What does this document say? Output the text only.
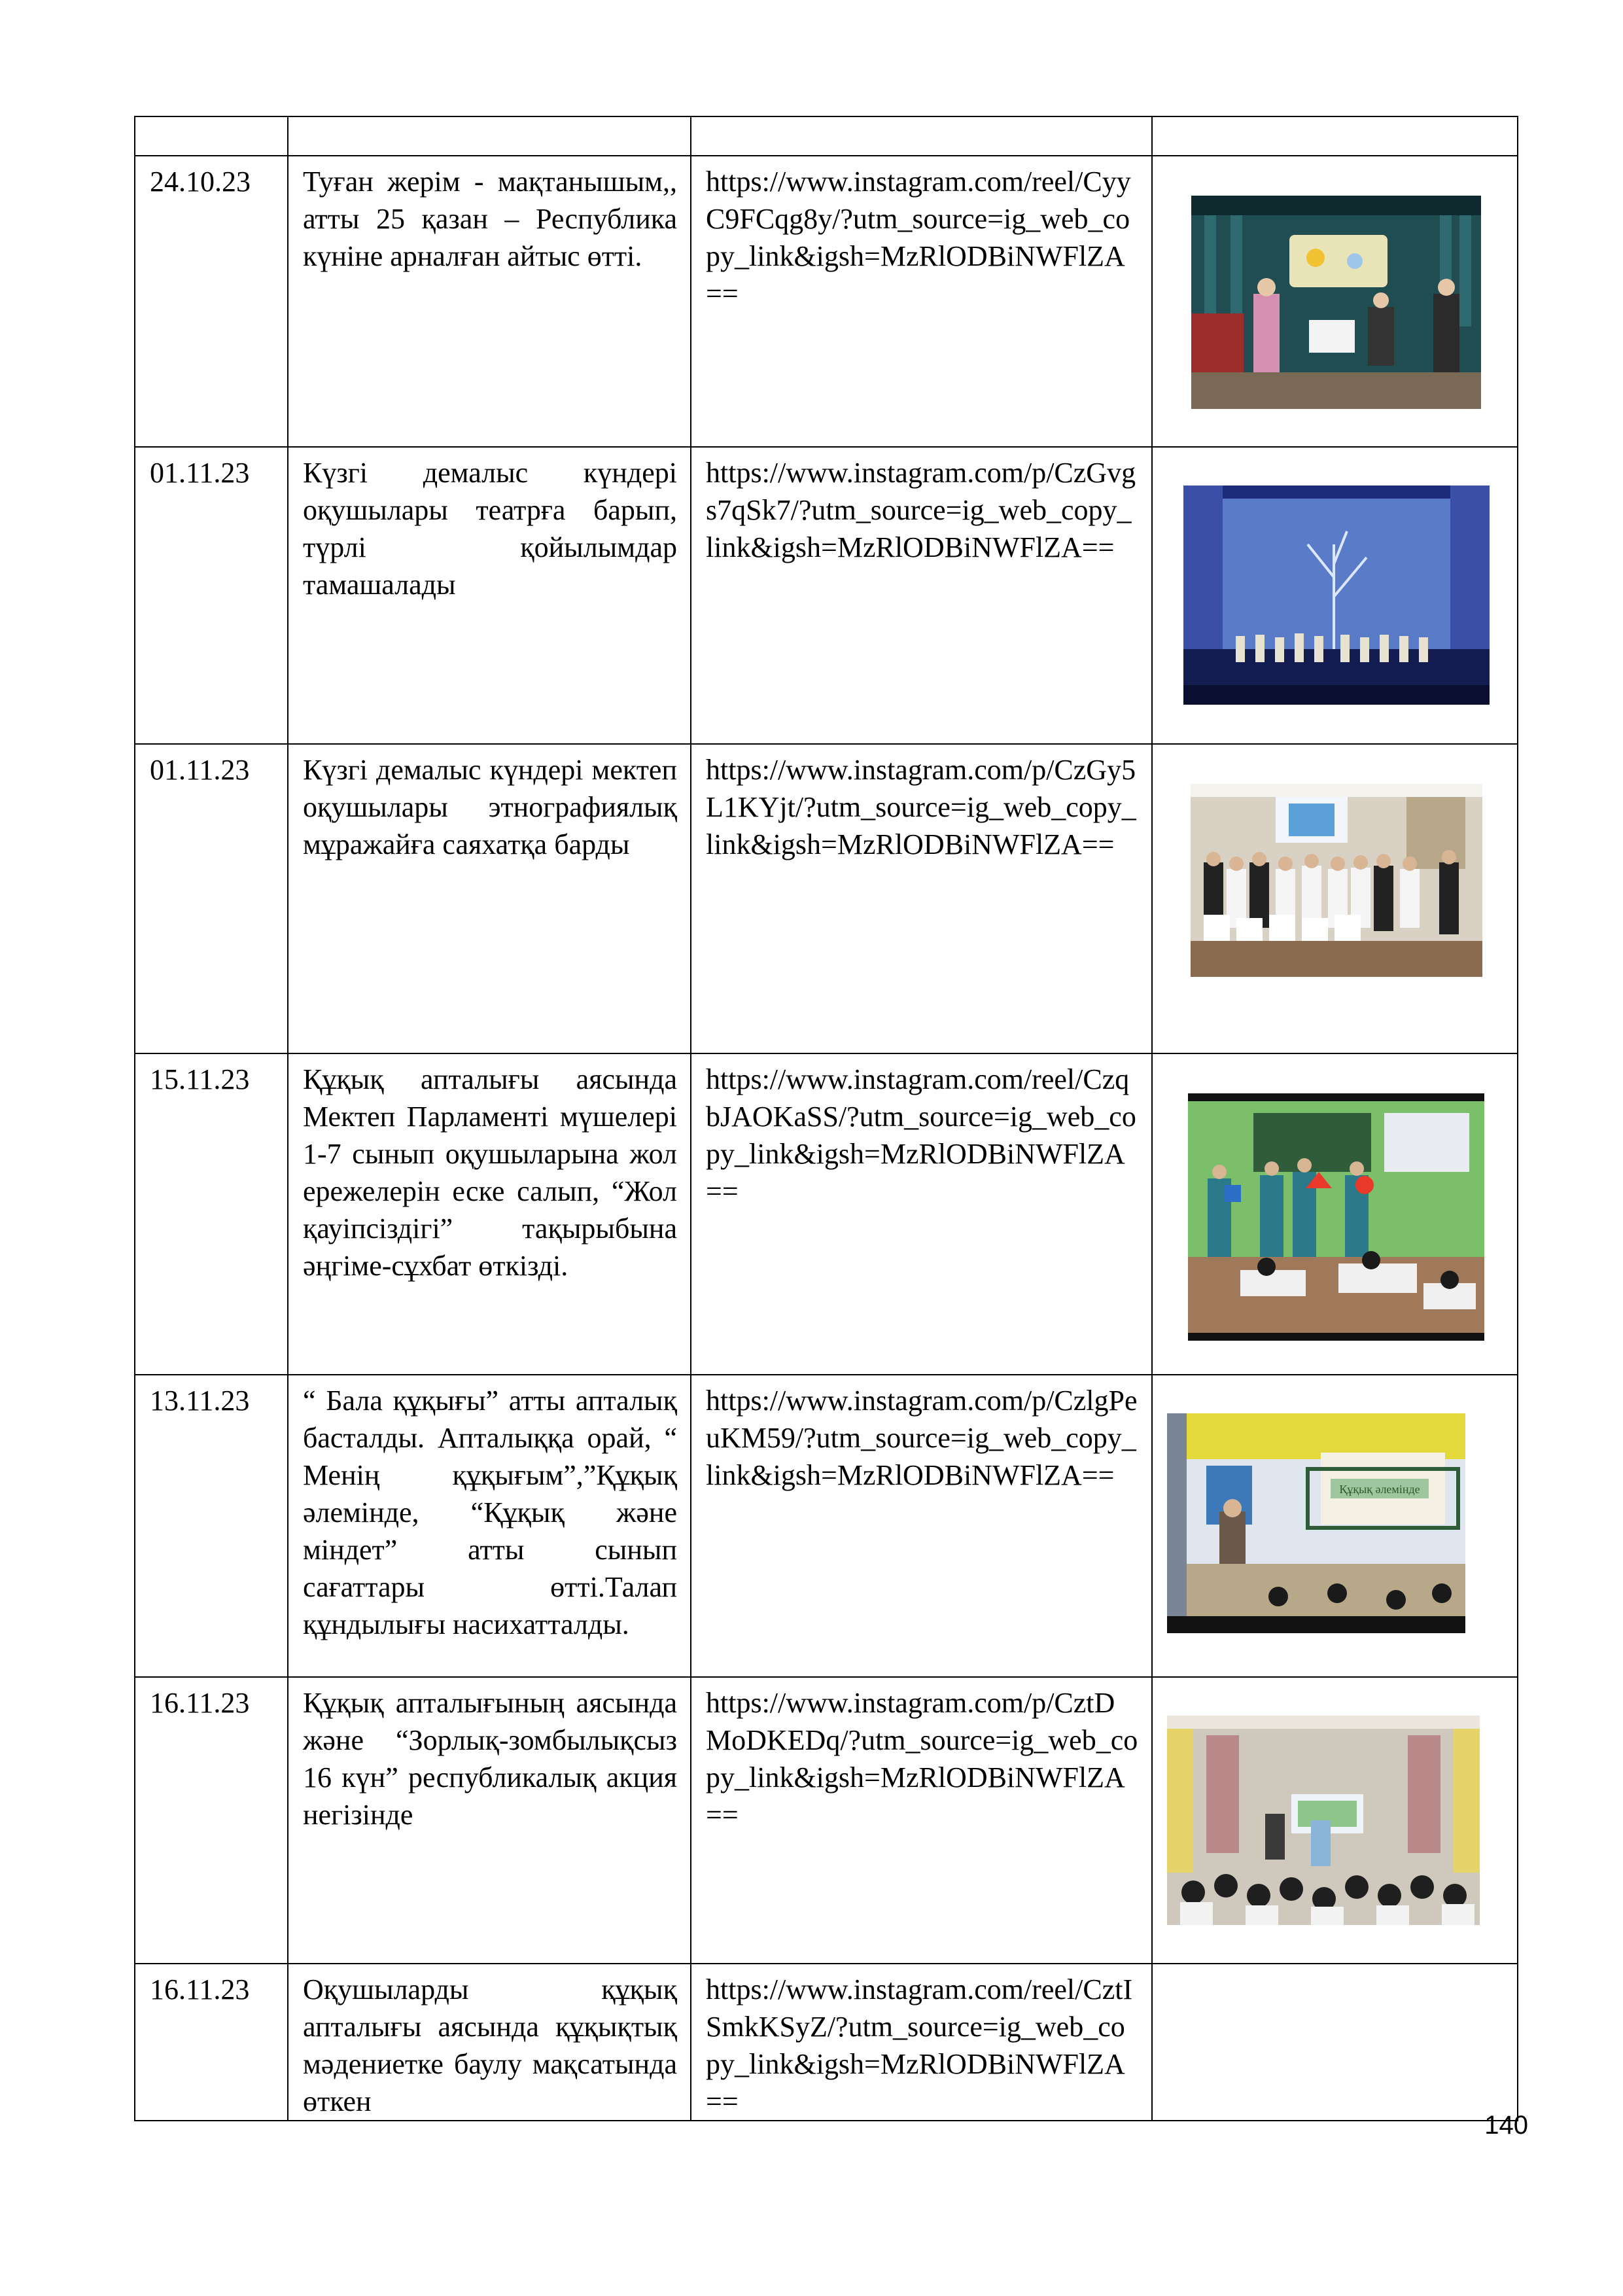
24.10.23	Туған жерім - мақтанышым,, атты 25 қазан – Республика күніне арналған айтыс өтті.	https://www.instagram.com/reel/CyyC9FCqg8y/?utm_source=ig_web_copy_link&igsh=MzRlODBiNWFlZA==	

01.11.23	Күзгі демалыс күндері оқушылары театрға барып, түрлі қойылымдар тамашалады	https://www.instagram.com/p/CzGvgs7qSk7/?utm_source=ig_web_copy_link&igsh=MzRlODBiNWFlZA==	

01.11.23	Күзгі демалыс күндері мектеп оқушылары этнографиялық мұражайға саяхатқа барды	https://www.instagram.com/p/CzGy5L1KYjt/?utm_source=ig_web_copy_link&igsh=MzRlODBiNWFlZA==	

15.11.23	Құқық апталығы аясында Мектеп Парламенті мүшелері 1-7 сынып оқушыларына жол ережелерін еске салып, “Жол қауіпсіздігі” тақырыбына әңгіме-сұхбат өткізді.	https://www.instagram.com/reel/CzqbJAOKaSS/?utm_source=ig_web_copy_link&igsh=MzRlODBiNWFlZA==	

13.11.23	“ Бала құқығы” атты апталық басталды. Апталыққа орай, “ Менің құқығым”,”Құқық әлемінде, “Құқық және міндет” атты сынып сағаттары өтті.Талап құндылығы насихатталды.	https://www.instagram.com/p/CzlgPeuKM59/?utm_source=ig_web_copy_link&igsh=MzRlODBiNWFlZA==	Құқық әлемінде

16.11.23	Құқық апталығының аясында және “Зорлық-зомбылықсыз 16 күн” республикалық акция негізінде	https://www.instagram.com/p/CztDMoDKEDq/?utm_source=ig_web_copy_link&igsh=MzRlODBiNWFlZA==	

16.11.23	Оқушыларды құқық апталығы аясында құқықтық мәдениетке баулу мақсатында өткен	https://www.instagram.com/reel/CztISmkKSyZ/?utm_source=ig_web_copy_link&igsh=MzRlODBiNWFlZA==	
140
